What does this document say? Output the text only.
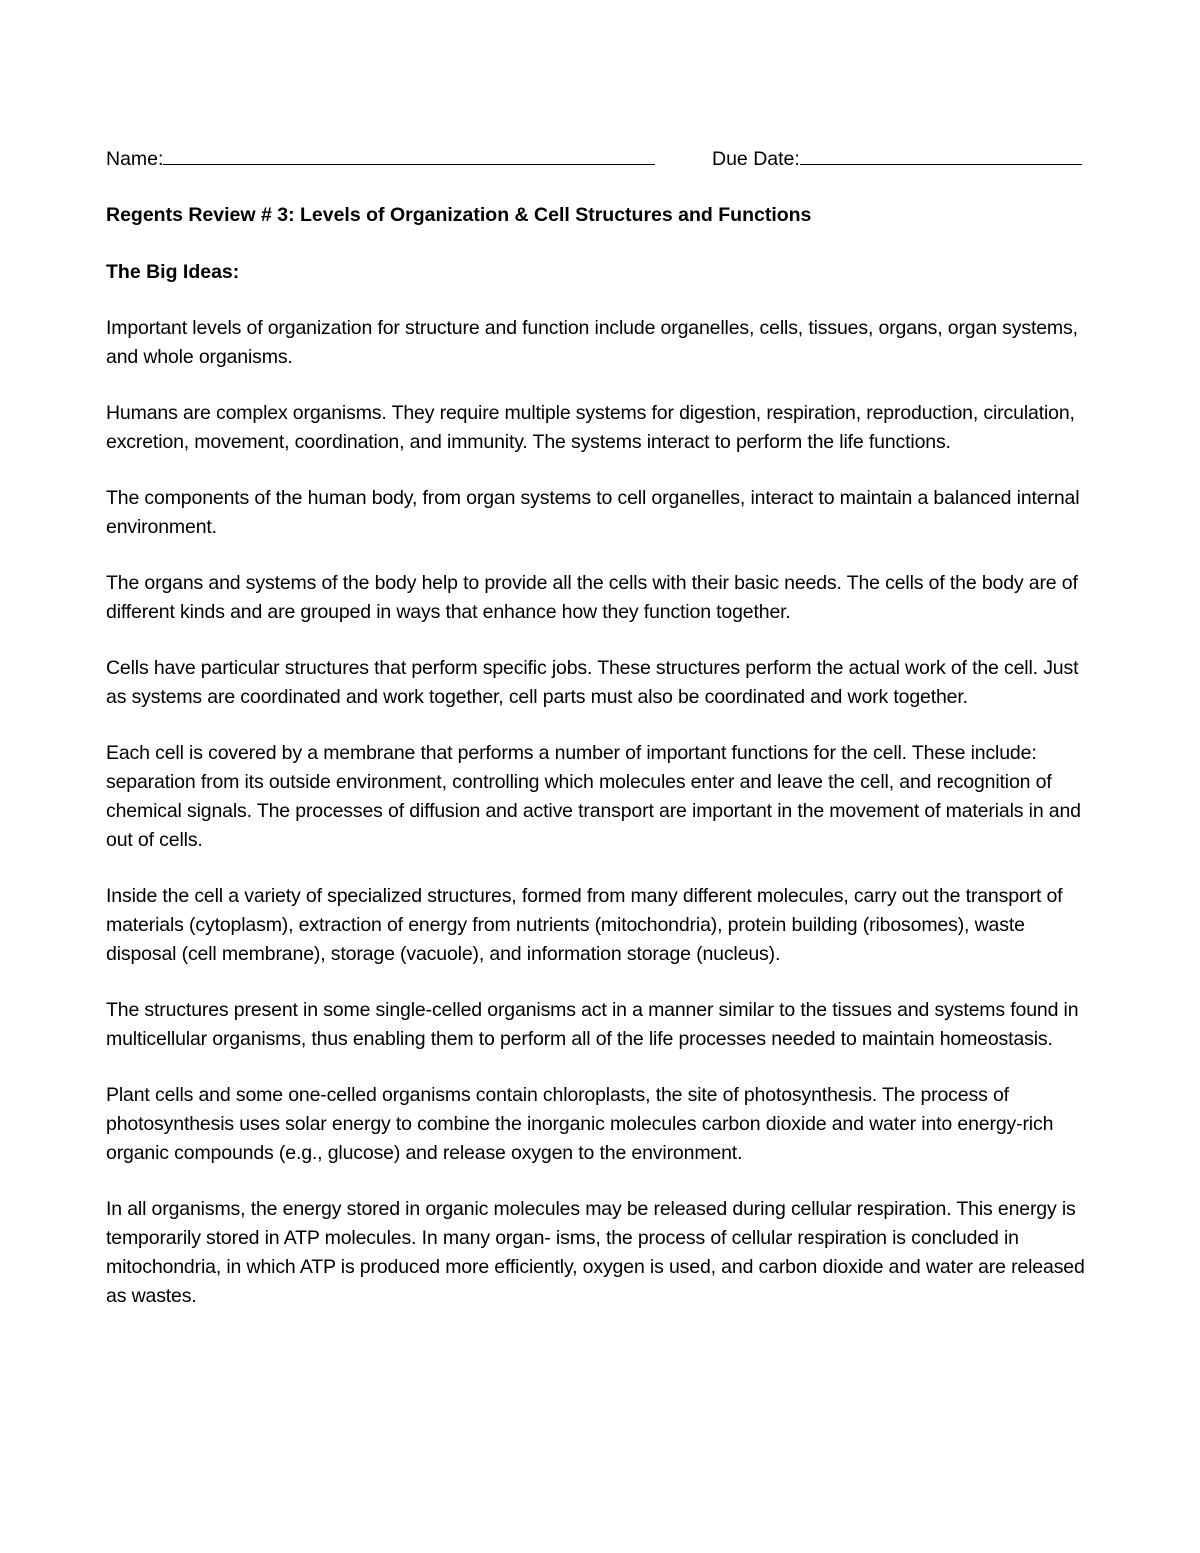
Name:	Due Date:
Regents Review # 3: Levels of Organization & Cell Structures and Functions
The Big Ideas:

Important levels of organization for structure and function include organelles, cells, tissues, organs, organ systems, and whole organisms.

Humans are complex organisms. They require multiple systems for digestion, respiration, reproduction, circulation, excretion, movement, coordination, and immunity. The systems interact to perform the life functions.

The components of the human body, from organ systems to cell organelles, interact to maintain a balanced internal environment.

The organs and systems of the body help to provide all the cells with their basic needs. The cells of the body are of different kinds and are grouped in ways that enhance how they function together.

Cells have particular structures that perform specific jobs. These structures perform the actual work of the cell. Just as systems are coordinated and work together, cell parts must also be coordinated and work together.

Each cell is covered by a membrane that performs a number of important functions for the cell. These include: separation from its outside environment, controlling which molecules enter and leave the cell, and recognition of chemical signals. The processes of diffusion and active transport are important in the movement of materials in and out of cells.

Inside the cell a variety of specialized structures, formed from many different molecules, carry out the transport of materials (cytoplasm), extraction of energy from nutrients (mitochondria), protein building (ribosomes), waste disposal (cell membrane), storage (vacuole), and information storage (nucleus).

The structures present in some single-celled organisms act in a manner similar to the tissues and systems found in multicellular organisms, thus enabling them to perform all of the life processes needed to maintain homeostasis.

Plant cells and some one-celled organisms contain chloroplasts, the site of photosynthesis. The process of photosynthesis uses solar energy to combine the inorganic molecules carbon dioxide and water into energy-rich organic compounds (e.g., glucose) and release oxygen to the environment.

In all organisms, the energy stored in organic molecules may be released during cellular respiration. This energy is temporarily stored in ATP molecules. In many organ- isms, the process of cellular respiration is concluded in mitochondria, in which ATP is produced more efficiently, oxygen is used, and carbon dioxide and water are released as wastes.
